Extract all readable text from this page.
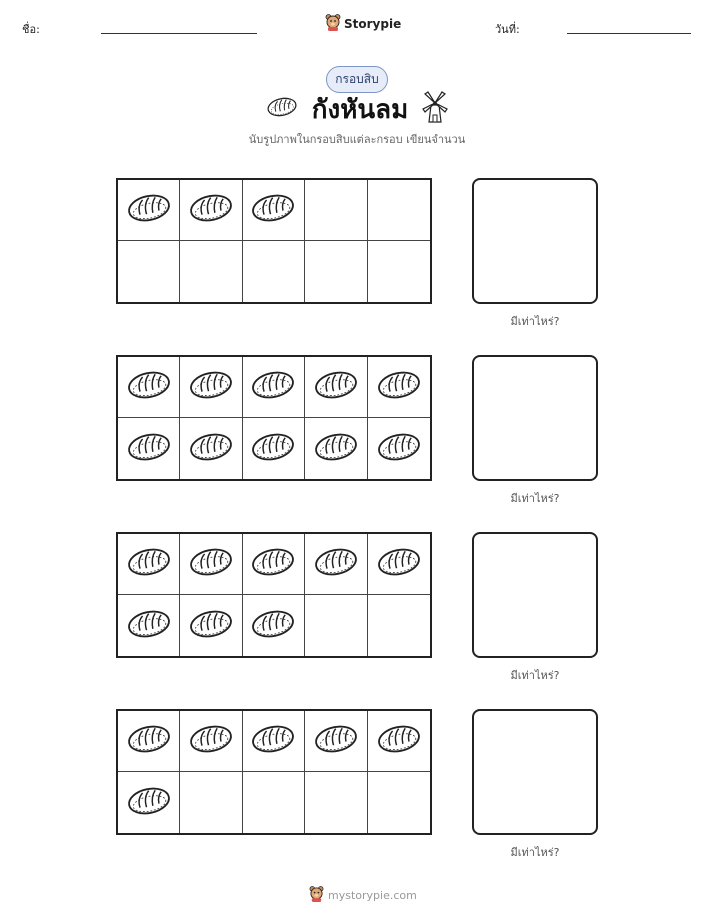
ชื่อ:	Storypie	วันที่:
กรอบสิบ
กังหันลม
นับรูปภาพในกรอบสิบแต่ละกรอบ เขียนจำนวน
มีเท่าไหร่?
มีเท่าไหร่?
มีเท่าไหร่?
มีเท่าไหร่?
mystorypie.com
